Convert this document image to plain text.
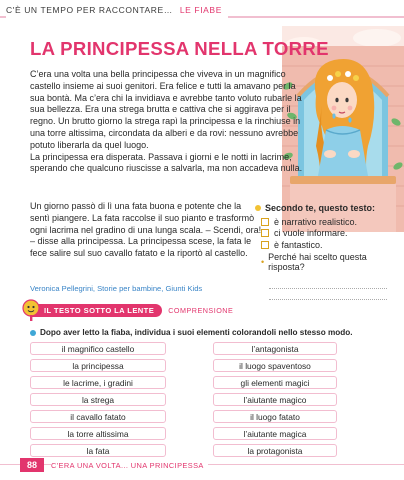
C'È UN TEMPO PER RACCONTARE… LE FIABE
LA PRINCIPESSA NELLA TORRE

C’era una volta una bella principessa che viveva in un magnifico castello insieme ai suoi genitori. Era felice e tutti la amavano per la sua bontà. Ma c’era chi la invidiava e avrebbe tanto voluto rubarle la sua bellezza. Era una strega brutta e cattiva che si aggirava per il regno. Un brutto giorno la strega rapì la principessa e la rinchiuse in una torre altissima, circondata da alberi e da rovi: nessuno avrebbe potuto liberarla da quel luogo.

La principessa era disperata. Passava i giorni e le notti in lacrime, sperando che qualcuno riuscisse a salvarla, ma non accadeva nulla.

Un giorno passò di lì una fata buona e potente che la sentì piangere. La fata raccolse il suo pianto e trasformò ogni lacrima nel gradino di una lunga scala. – Scendi, ora! – disse alla principessa. La principessa scese, la fata le fece salire sul suo cavallo fatato e la riportò al castello.

Veronica Pellegrini, Storie per bambine, Giunti Kids
Secondo te, questo testo:
è narrativo realistico.
ci vuole informare.
è fantastico.
• Perché hai scelto questa risposta?
IL TESTO SOTTO LA LENTE COMPRENSIONE
Dopo aver letto la fiaba, individua i suoi elementi colorandoli nello stesso modo.
il magnifico castello
la principessa
le lacrime, i gradini
la strega
il cavallo fatato
la torre altissima
la fata
l’antagonista
il luogo spaventoso
gli elementi magici
l’aiutante magico
il luogo fatato
l’aiutante magica
la protagonista
88	C'ERA UNA VOLTA... UNA PRINCIPESSA
